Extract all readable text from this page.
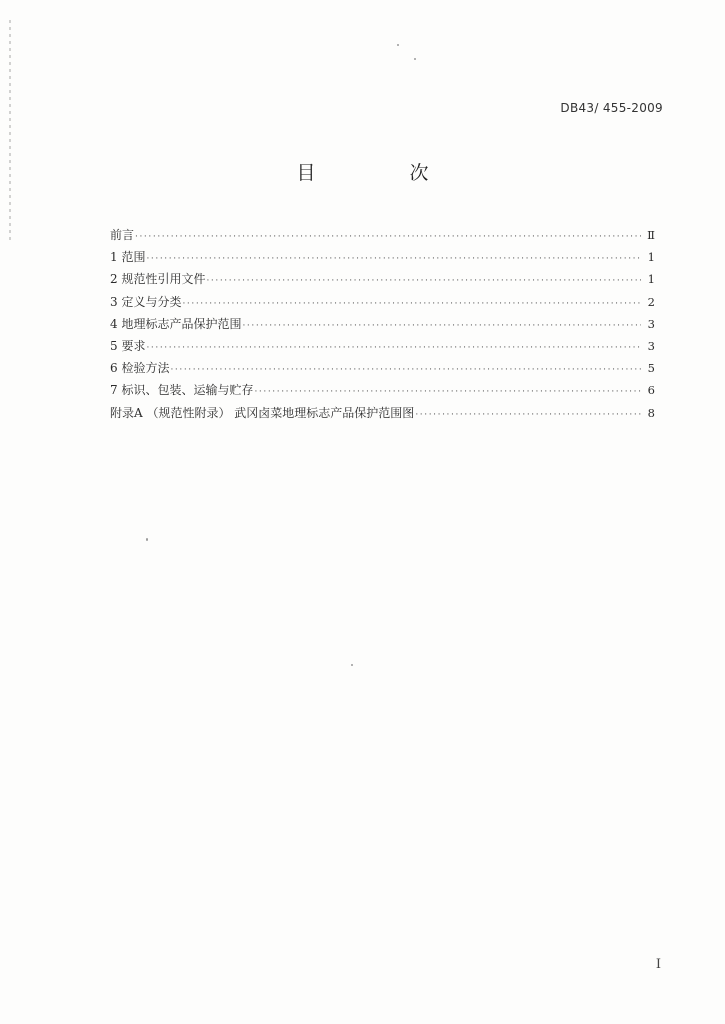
DB43/ 455-2009
目 次
前言 ·····	Ⅱ
1 范围 ·····	1
2 规范性引用文件 ·····	1
3 定义与分类 ·····	2
4 地理标志产品保护范围 ·····	3
5 要求 ·····	3
6 检验方法 ·····	5
7 标识、包装、运输与贮存 ·····	6
附录A （规范性附录） 武冈卤菜地理标志产品保护范围图 ·····	8
I
